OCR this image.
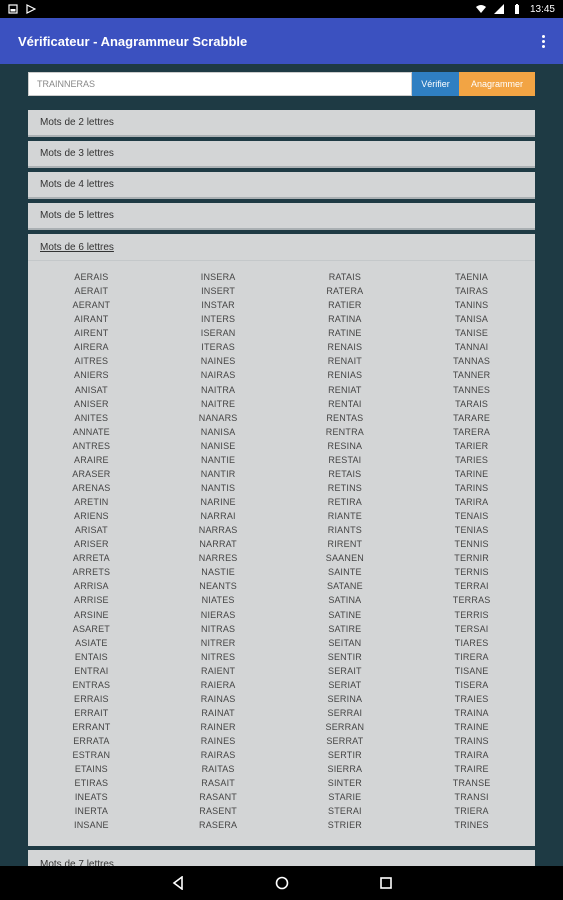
13:45
Vérificateur - Anagrammeur Scrabble
TRAINNERAS
Vérifier	Anagrammer
Mots de 2 lettres
Mots de 3 lettres
Mots de 4 lettres
Mots de 5 lettres
Mots de 6 lettres
AERAIS
AERAIT
AERANT
AIRANT
AIRENT
AIRERA
AITRES
ANIERS
ANISAT
ANISER
ANITES
ANNATE
ANTRES
ARAIRE
ARASER
ARENAS
ARETIN
ARIENS
ARISAT
ARISER
ARRETA
ARRETS
ARRISA
ARRISE
ARSINE
ASARET
ASIATE
ENTAIS
ENTRAI
ENTRAS
ERRAIS
ERRAIT
ERRANT
ERRATA
ESTRAN
ETAINS
ETIRAS
INEATS
INERTA
INSANE
INSERA
INSERT
INSTAR
INTERS
ISERAN
ITERAS
NAINES
NAIRAS
NAITRA
NAITRE
NANARS
NANISA
NANISE
NANTIE
NANTIR
NANTIS
NARINE
NARRAI
NARRAS
NARRAT
NARRES
NASTIE
NEANTS
NIATES
NIERAS
NITRAS
NITRER
NITRES
RAIENT
RAIERA
RAINAS
RAINAT
RAINER
RAINES
RAIRAS
RAITAS
RASAIT
RASANT
RASENT
RASERA
RATAIS
RATERA
RATIER
RATINA
RATINE
RENAIS
RENAIT
RENIAS
RENIAT
RENTAI
RENTAS
RENTRA
RESINA
RESTAI
RETAIS
RETINS
RETIRA
RIANTE
RIANTS
RIRENT
SAANEN
SAINTE
SATANE
SATINA
SATINE
SATIRE
SEITAN
SENTIR
SERAIT
SERIAT
SERINA
SERRAI
SERRAN
SERRAT
SERTIR
SIERRA
SINTER
STARIE
STERAI
STRIER
TAENIA
TAIRAS
TANINS
TANISA
TANISE
TANNAI
TANNAS
TANNER
TANNES
TARAIS
TARARE
TARERA
TARIER
TARIES
TARINE
TARINS
TARIRA
TENAIS
TENIAS
TENNIS
TERNIR
TERNIS
TERRAI
TERRAS
TERRIS
TERSAI
TIARES
TIRERA
TISANE
TISERA
TRAIES
TRAINA
TRAINE
TRAINS
TRAIRA
TRAIRE
TRANSE
TRANSI
TRIERA
TRINES
Mots de 7 lettres
